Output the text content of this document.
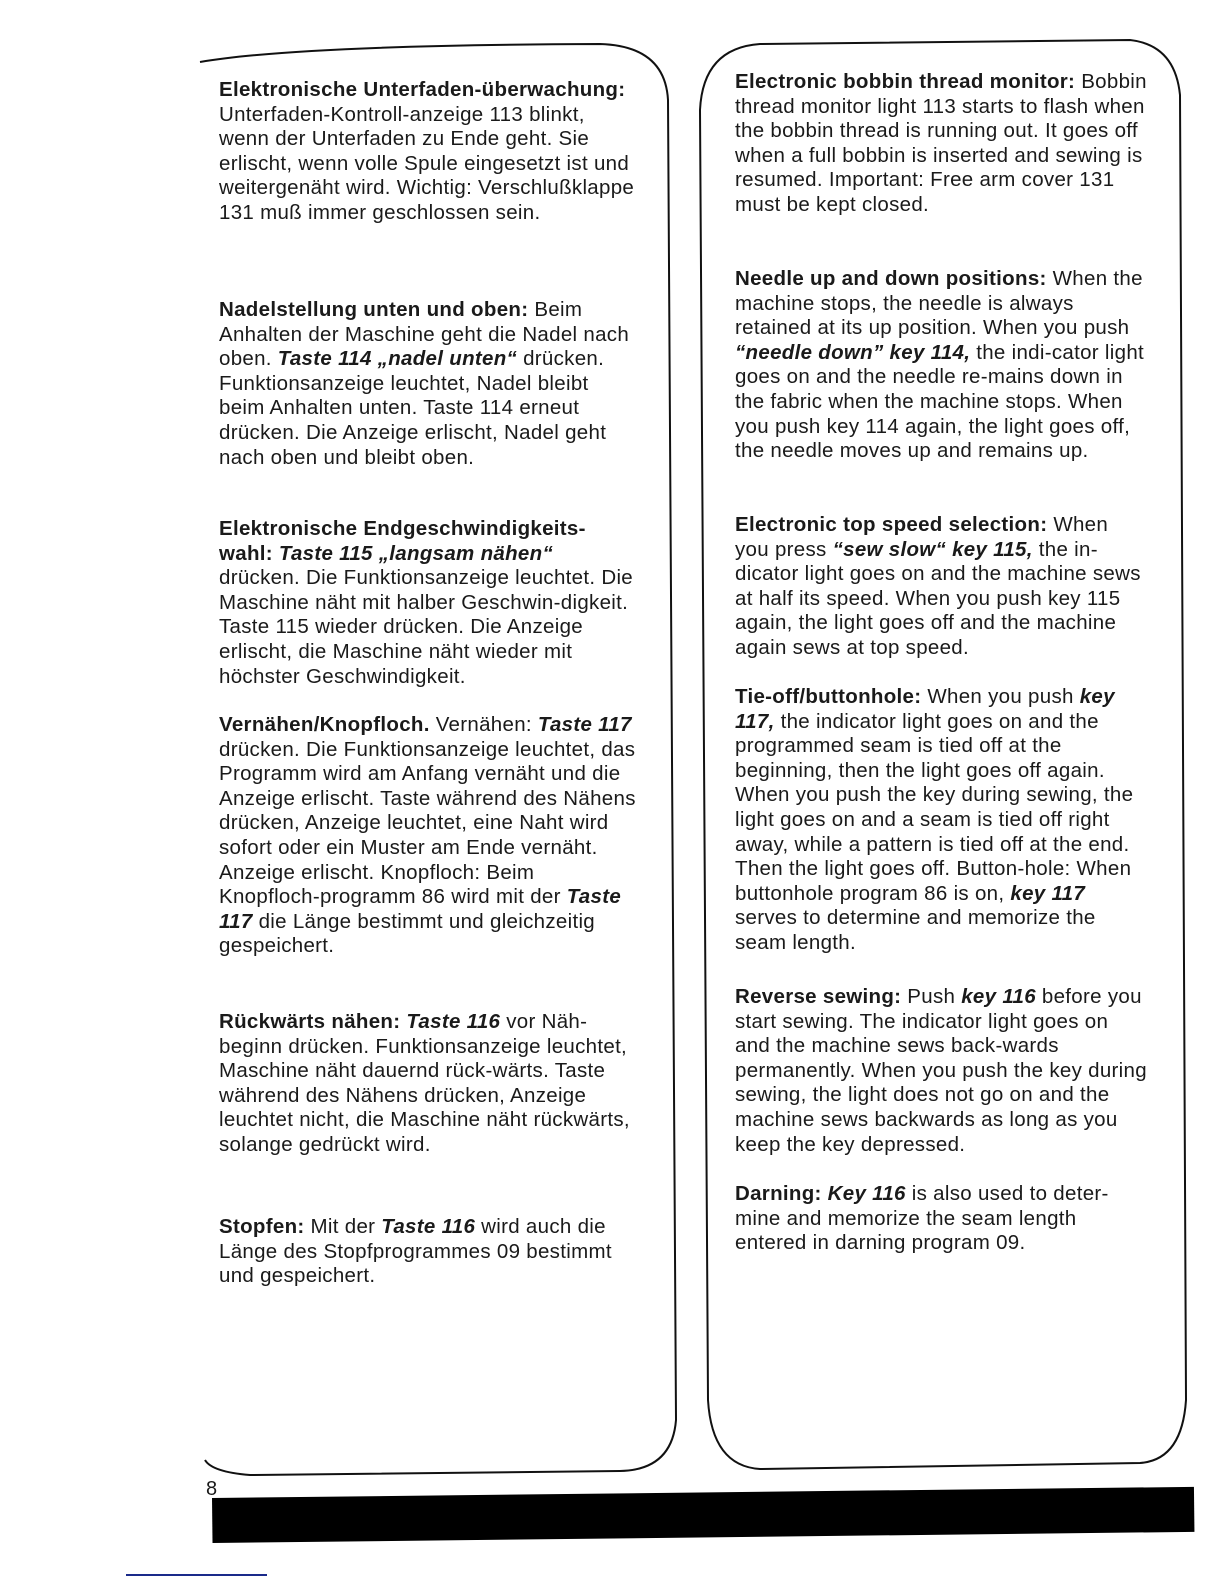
Elektronische Unterfaden-überwachung: Unterfaden-Kontroll-anzeige 113 blinkt, wenn der Unterfaden zu Ende geht. Sie erlischt, wenn volle Spule eingesetzt ist und weitergenäht wird. Wichtig: Verschlußklappe 131 muß immer geschlossen sein.
Nadelstellung unten und oben: Beim Anhalten der Maschine geht die Nadel nach oben. Taste 114 „nadel unten“ drücken. Funktionsanzeige leuchtet, Nadel bleibt beim Anhalten unten. Taste 114 erneut drücken. Die Anzeige erlischt, Nadel geht nach oben und bleibt oben.
Elektronische Endgeschwindigkeits-wahl: Taste 115 „langsam nähen“ drücken. Die Funktionsanzeige leuchtet. Die Maschine näht mit halber Geschwin-digkeit. Taste 115 wieder drücken. Die Anzeige erlischt, die Maschine näht wieder mit höchster Geschwindigkeit.
Vernähen/Knopfloch. Vernähen: Taste 117 drücken. Die Funktionsanzeige leuchtet, das Programm wird am Anfang vernäht und die Anzeige erlischt. Taste während des Nähens drücken, Anzeige leuchtet, eine Naht wird sofort oder ein Muster am Ende vernäht. Anzeige erlischt. Knopfloch: Beim Knopfloch-programm 86 wird mit der Taste 117 die Länge bestimmt und gleichzeitig gespeichert.
Rückwärts nähen: Taste 116 vor Näh-beginn drücken. Funktionsanzeige leuchtet, Maschine näht dauernd rück-wärts. Taste während des Nähens drücken, Anzeige leuchtet nicht, die Maschine näht rückwärts, solange gedrückt wird.
Stopfen: Mit der Taste 116 wird auch die Länge des Stopfprogrammes 09 bestimmt und gespeichert.
Electronic bobbin thread monitor: Bobbin thread monitor light 113 starts to flash when the bobbin thread is running out. It goes off when a full bobbin is inserted and sewing is resumed. Important: Free arm cover 131 must be kept closed.
Needle up and down positions: When the machine stops, the needle is always retained at its up position. When you push “needle down” key 114, the indi-cator light goes on and the needle re-mains down in the fabric when the machine stops. When you push key 114 again, the light goes off, the needle moves up and remains up.
Electronic top speed selection: When you press “sew slow“ key 115, the in-dicator light goes on and the machine sews at half its speed. When you push key 115 again, the light goes off and the machine again sews at top speed.
Tie-off/buttonhole: When you push key 117, the indicator light goes on and the programmed seam is tied off at the beginning, then the light goes off again. When you push the key during sewing, the light goes on and a seam is tied off right away, while a pattern is tied off at the end. Then the light goes off. Button-hole: When buttonhole program 86 is on, key 117 serves to determine and memorize the seam length.
Reverse sewing: Push key 116 before you start sewing. The indicator light goes on and the machine sews back-wards permanently. When you push the key during sewing, the light does not go on and the machine sews backwards as long as you keep the key depressed.
Darning: Key 116 is also used to deter-mine and memorize the seam length entered in darning program 09.
8
